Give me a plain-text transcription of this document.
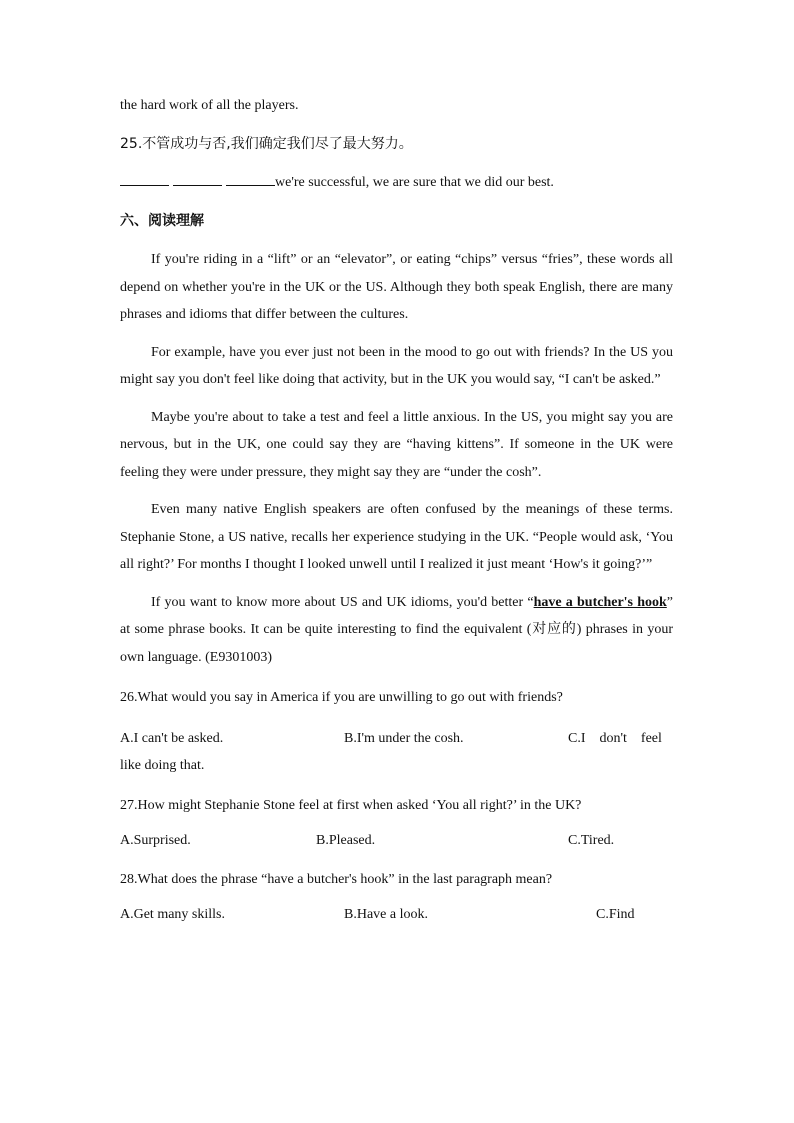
the hard work of all the players.

25.不管成功与否,我们确定我们尽了最大努力。

we're successful, we are sure that we did our best.

六、阅读理解

If you're riding in a “lift” or an “elevator”, or eating “chips” versus “fries”, these words all depend on whether you're in the UK or the US. Although they both speak English, there are many phrases and idioms that differ between the cultures.

For example, have you ever just not been in the mood to go out with friends? In the US you might say you don't feel like doing that activity, but in the UK you would say, “I can't be asked.”

Maybe you're about to take a test and feel a little anxious. In the US, you might say you are nervous, but in the UK, one could say they are “having kittens”. If someone in the UK were feeling they were under pressure, they might say they are “under the cosh”.

Even many native English speakers are often confused by the meanings of these terms. Stephanie Stone, a US native, recalls her experience studying in the UK. “People would ask, ‘You all right?’ For months I thought I looked unwell until I realized it just meant ‘How's it going?’”

If you want to know more about US and UK idioms, you'd better “have a butcher's hook” at some phrase books. It can be quite interesting to find the equivalent (对应的) phrases in your own language. (E9301003)

26.What would you say in America if you are unwilling to go out with friends?

A.I can't be asked.	B.I'm under the cosh.	C.I    don't    feel
like doing that.

27.How might Stephanie Stone feel at first when asked ‘You all right?’ in the UK?

A.Surprised.	B.Pleased.	C.Tired.

28.What does the phrase “have a butcher's hook” in the last paragraph mean?

A.Get many skills.	B.Have a look.	C.Find
